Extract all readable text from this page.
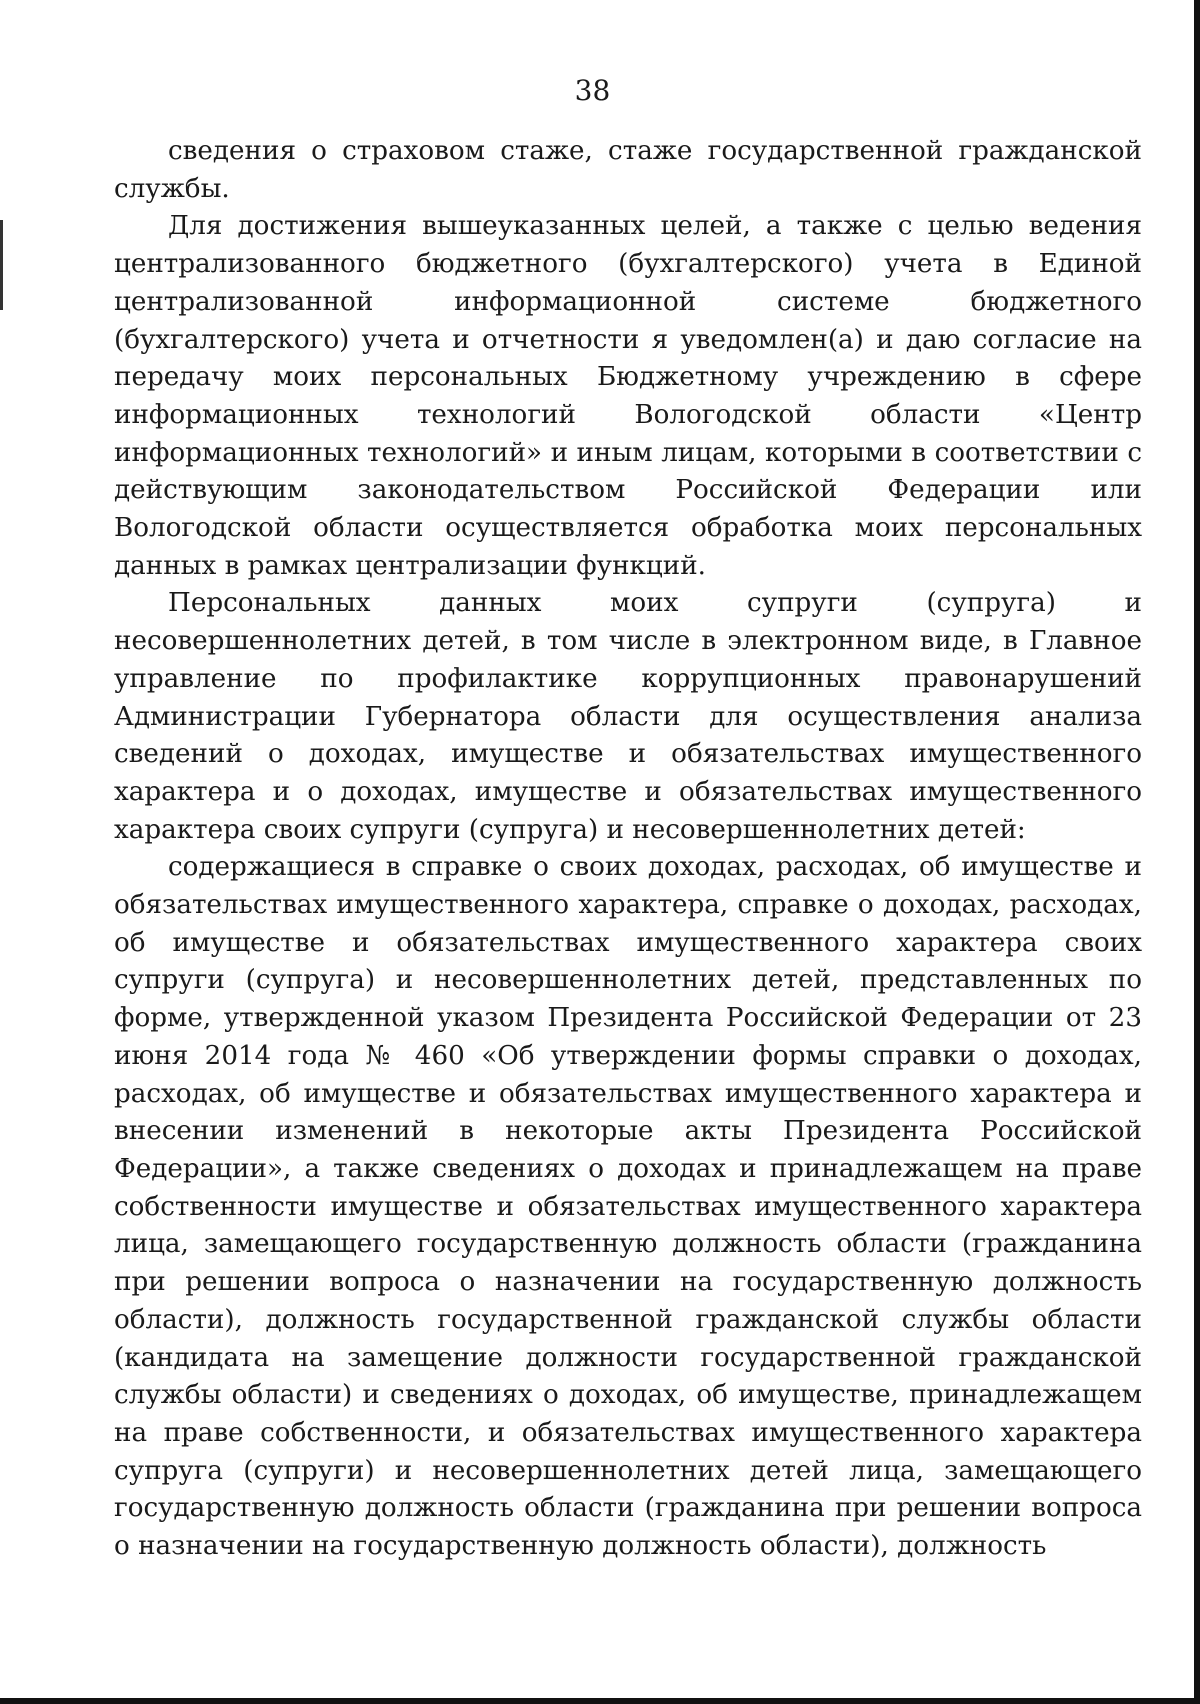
38

сведения о страховом стаже, стаже государственной гражданской службы.

Для достижения вышеуказанных целей, а также с целью ведения централизованного бюджетного (бухгалтерского) учета в Единой централизованной информационной системе бюджетного (бухгалтерского) учета и отчетности я уведомлен(а) и даю согласие на передачу моих персональных Бюджетному учреждению в сфере информационных технологий Вологодской области «Центр информационных технологий» и иным лицам, которыми в соответствии с действующим законодательством Российской Федерации или Вологодской области осуществляется обработка моих персональных данных в рамках централизации функций.

Персональных данных моих супруги (супруга) и несовершеннолетних детей, в том числе в электронном виде, в Главное управление по профилактике коррупционных правонарушений Администрации Губернатора области для осуществления анализа сведений о доходах, имуществе и обязательствах имущественного характера и о доходах, имуществе и обязательствах имущественного характера своих супруги (супруга) и несовершеннолетних детей:

содержащиеся в справке о своих доходах, расходах, об имуществе и обязательствах имущественного характера, справке о доходах, расходах, об имуществе и обязательствах имущественного характера своих супруги (супруга) и несовершеннолетних детей, представленных по форме, утвержденной указом Президента Российской Федерации от 23 июня 2014 года № 460 «Об утверждении формы справки о доходах, расходах, об имуществе и обязательствах имущественного характера и внесении изменений в некоторые акты Президента Российской Федерации», а также сведениях о доходах и принадлежащем на праве собственности имуществе и обязательствах имущественного характера лица, замещающего государственную должность области (гражданина при решении вопроса о назначении на государственную должность области), должность государственной гражданской службы области (кандидата на замещение должности государственной гражданской службы области) и сведениях о доходах, об имуществе, принадлежащем на праве собственности, и обязательствах имущественного характера супруга (супруги) и несовершеннолетних детей лица, замещающего государственную должность области (гражданина при решении вопроса о назначении на государственную должность области), должность
